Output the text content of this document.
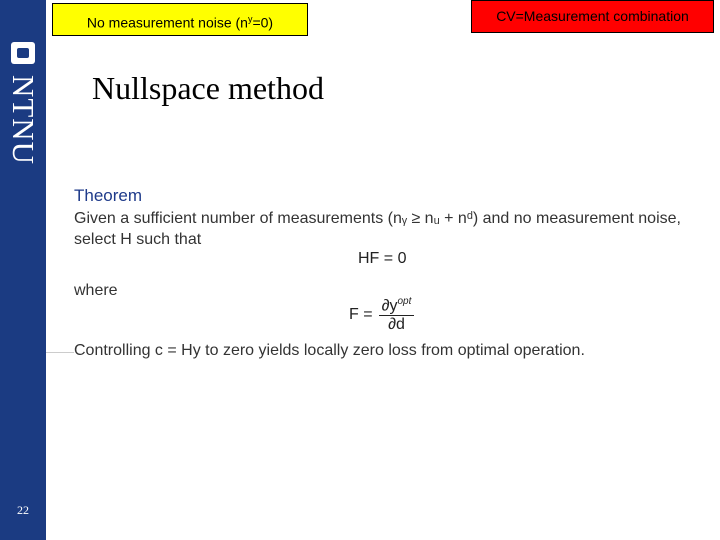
NTNU
22
No measurement noise $(n^y=0)$	CV=Measurement combination
Nullspace method
Theorem
Given a sufficient number of measurements (nᵧ ≥ nᵤ + nᵈ) and no measurement noise, select H such that
HF = 0
where
$F = \frac{\partial y^{opt}}{\partial d}$
Controlling c = Hy to zero yields locally zero loss from optimal operation.
